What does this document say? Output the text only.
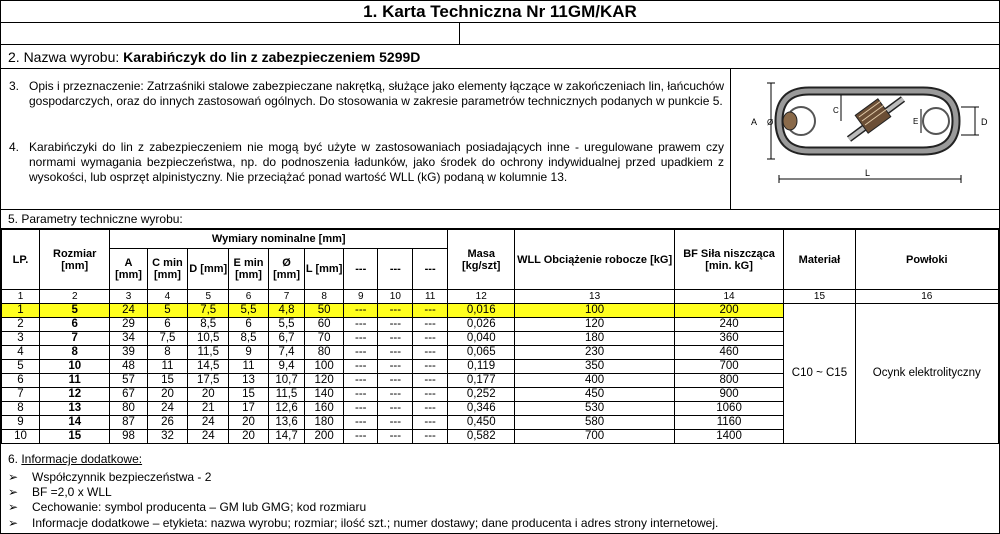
1. Karta Techniczna Nr 11GM/KAR
2. Nazwa wyrobu: Karabińczyk do lin z zabezpieczeniem 5299D
3. Opis i przeznaczenie: Zatrzaśniki stalowe zabezpieczane nakrętką, służące jako elementy łączące w zakończeniach lin, łańcuchów gospodarczych, oraz do innych zastosowań ogólnych. Do stosowania w zakresie parametrów technicznych podanych w punkcie 5.
4. Karabińczyki do lin z zabezpieczeniem nie mogą być użyte w zastosowaniach posiadających inne - uregulowane prawem czy normami wymagania bezpieczeństwa, np. do podnoszenia ładunków, jako środek do ochrony indywidualnej przed upadkiem z wysokości, lub osprzęt alpinistyczny. Nie przeciążać ponad wartość WLL (kG) podaną w kolumnie 13.
A Ø
C
E	D
L
5. Parametry techniczne wyrobu:
LP.	Rozmiar [mm]	Wymiary nominalne [mm]									Masa [kg/szt]	WLL Obciążenie robocze [kG]	BF Siła niszcząca [min. kG]	Materiał	Powłoki
		A [mm]	C min [mm]	D [mm]	E min [mm]	Ø [mm]	L [mm]	---	---	---					
1	2	3	4	5	6	7	8	9	10	11	12	13	14	15	16
1	5	24	5	7,5	5,5	4,8	50	---	---	---	0,016	100	200	C10 ~ C15	Ocynk elektrolityczny
2	6	29	6	8,5	6	5,5	60	---	---	---	0,026	120	240		
3	7	34	7,5	10,5	8,5	6,7	70	---	---	---	0,040	180	360		
4	8	39	8	11,5	9	7,4	80	---	---	---	0,065	230	460		
5	10	48	11	14,5	11	9,4	100	---	---	---	0,119	350	700		
6	11	57	15	17,5	13	10,7	120	---	---	---	0,177	400	800		
7	12	67	20	20	15	11,5	140	---	---	---	0,252	450	900		
8	13	80	24	21	17	12,6	160	---	---	---	0,346	530	1060		
9	14	87	26	24	20	13,6	180	---	---	---	0,450	580	1160		
10	15	98	32	24	20	14,7	200	---	---	---	0,582	700	1400		
6. Informacje dodatkowe:
➢ Współczynnik bezpieczeństwa - 2
➢ BF =2,0 x WLL
➢ Cechowanie: symbol producenta – GM lub GMG; kod rozmiaru
➢ Informacje dodatkowe – etykieta: nazwa wyrobu; rozmiar; ilość szt.; numer dostawy; dane producenta i adres strony internetowej.
